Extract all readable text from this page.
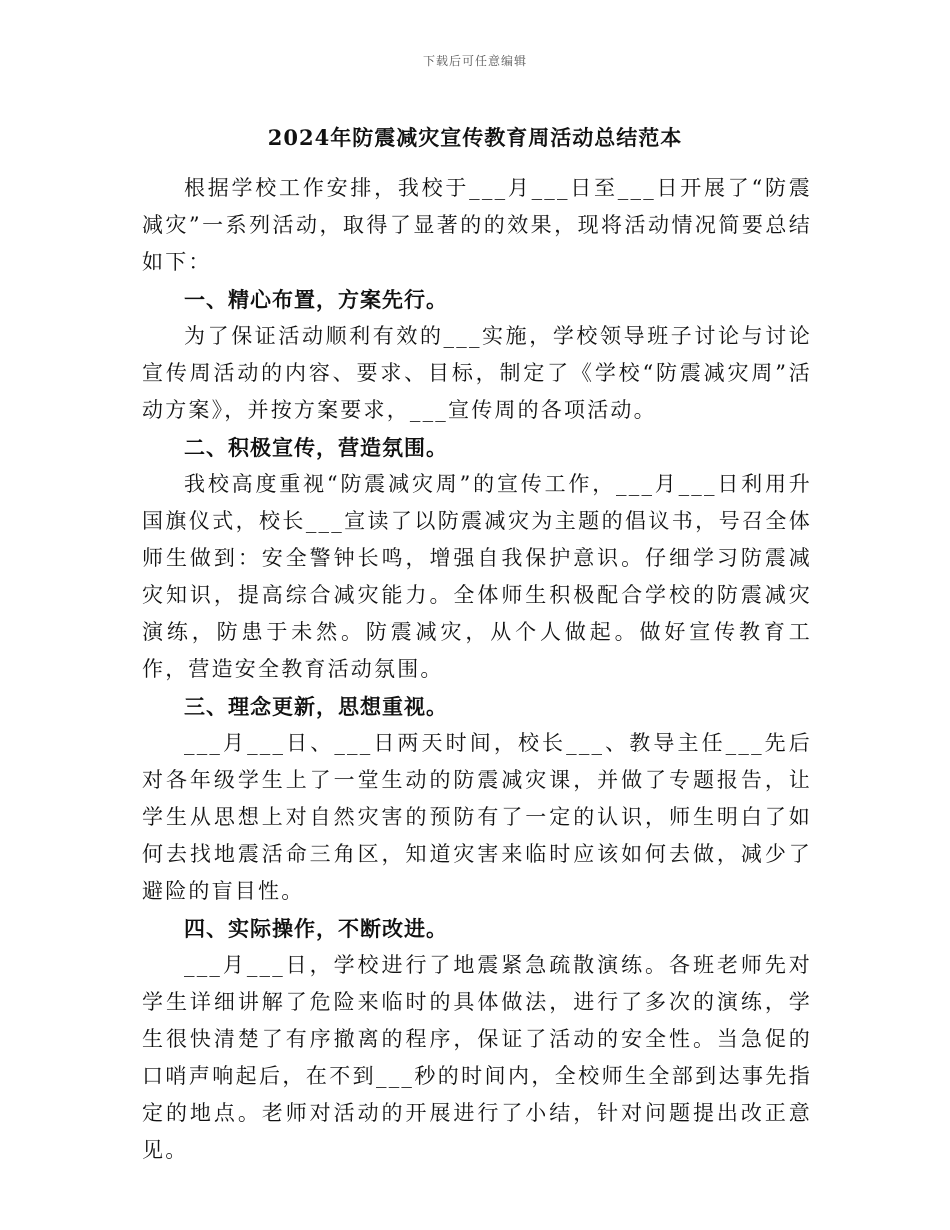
下载后可任意编辑
2024年防震减灾宣传教育周活动总结范本

根据学校工作安排，我校于___月___日至___日开展了“防震减灾”一系列活动，取得了显著的的效果，现将活动情况简要总结如下：

一、精心布置，方案先行。

为了保证活动顺利有效的___实施，学校领导班子讨论与讨论宣传周活动的内容、要求、目标，制定了《学校“防震减灾周”活动方案》，并按方案要求，___宣传周的各项活动。

二、积极宣传，营造氛围。

我校高度重视“防震减灾周”的宣传工作，___月___日利用升国旗仪式，校长___宣读了以防震减灾为主题的倡议书，号召全体师生做到：安全警钟长鸣，增强自我保护意识。仔细学习防震减灾知识，提高综合减灾能力。全体师生积极配合学校的防震减灾演练，防患于未然。防震减灾，从个人做起。做好宣传教育工作，营造安全教育活动氛围。

三、理念更新，思想重视。

___月___日、___日两天时间，校长___、教导主任___先后对各年级学生上了一堂生动的防震减灾课，并做了专题报告，让学生从思想上对自然灾害的预防有了一定的认识，师生明白了如何去找地震活命三角区，知道灾害来临时应该如何去做，减少了避险的盲目性。

四、实际操作，不断改进。

___月___日，学校进行了地震紧急疏散演练。各班老师先对学生详细讲解了危险来临时的具体做法，进行了多次的演练，学生很快清楚了有序撤离的程序，保证了活动的安全性。当急促的口哨声响起后，在不到___秒的时间内，全校师生全部到达事先指定的地点。老师对活动的开展进行了小结，针对问题提出改正意见。
